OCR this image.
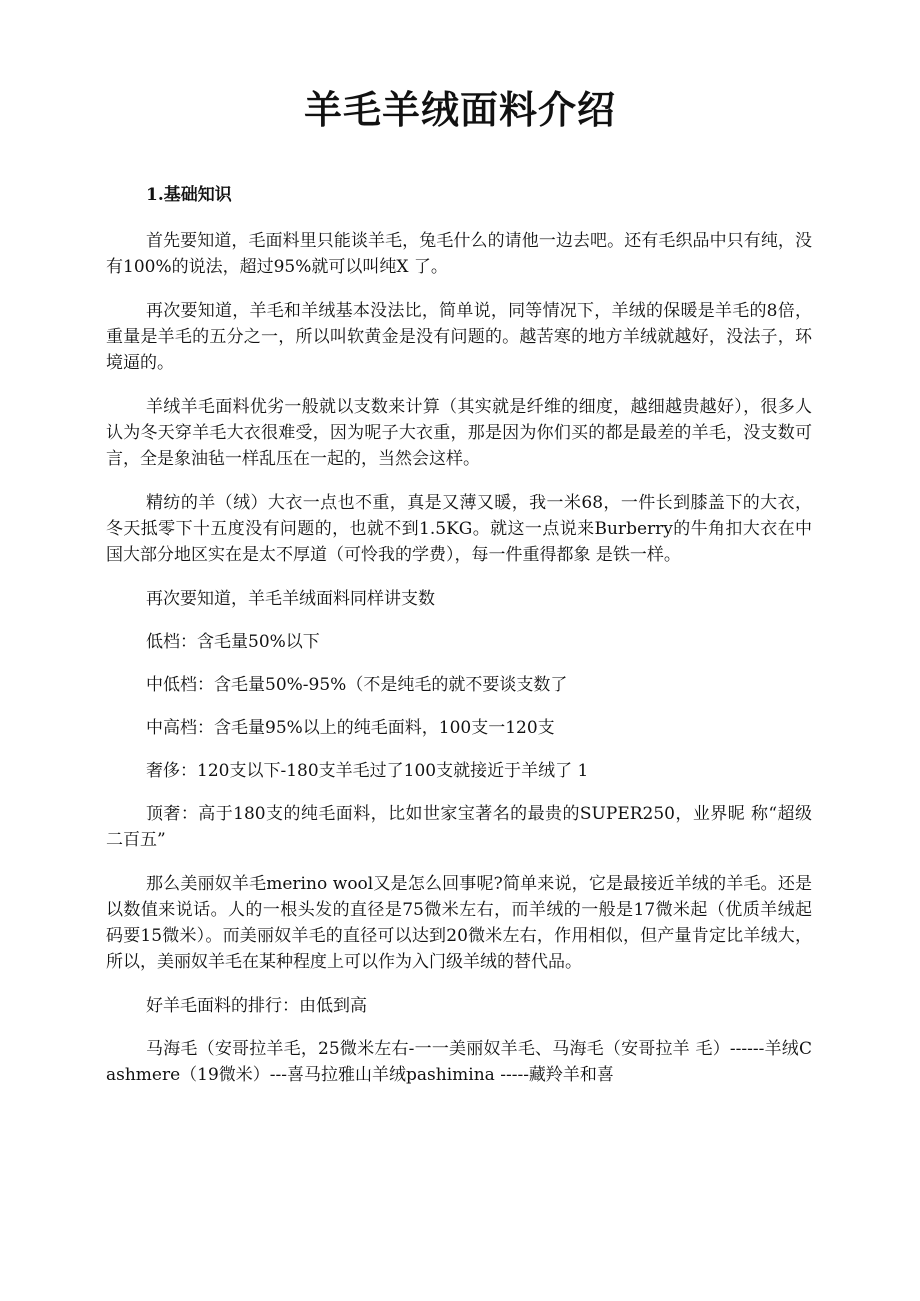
羊毛羊绒面料介绍
1.基础知识

首先要知道，毛面料里只能谈羊毛，兔毛什么的请他一边去吧。还有毛织品中只有纯，没有100%的说法，超过95%就可以叫纯X 了。

再次要知道，羊毛和羊绒基本没法比，简单说，同等情况下，羊绒的保暖是羊毛的8倍，重量是羊毛的五分之一，所以叫软黄金是没有问题的。越苦寒的地方羊绒就越好，没法子，环境逼的。

羊绒羊毛面料优劣一般就以支数来计算（其实就是纤维的细度，越细越贵越好），很多人认为冬天穿羊毛大衣很难受，因为呢子大衣重，那是因为你们买的都是最差的羊毛，没支数可言，全是象油毡一样乱压在一起的，当然会这样。

精纺的羊（绒）大衣一点也不重，真是又薄又暖，我一米68，一件长到膝盖下的大衣，冬天抵零下十五度没有问题的，也就不到1.5KG。就这一点说来Burberry的牛角扣大衣在中国大部分地区实在是太不厚道（可怜我的学费），每一件重得都象 是铁一样。

再次要知道，羊毛羊绒面料同样讲支数

低档：含毛量50%以下

中低档：含毛量50%-95%（不是纯毛的就不要谈支数了

中高档：含毛量95%以上的纯毛面料，100支一120支

奢侈：120支以下-180支羊毛过了100支就接近于羊绒了 1

顶奢：高于180支的纯毛面料，比如世家宝著名的最贵的SUPER250，业界昵 称“超级二百五”

那么美丽奴羊毛merino wool又是怎么回事呢?简单来说，它是最接近羊绒的羊毛。还是以数值来说话。人的一根头发的直径是75微米左右，而羊绒的一般是17微米起（优质羊绒起码要15微米）。而美丽奴羊毛的直径可以达到20微米左右，作用相似，但产量肯定比羊绒大，所以，美丽奴羊毛在某种程度上可以作为入门级羊绒的替代品。

好羊毛面料的排行：由低到高

马海毛（安哥拉羊毛，25微米左右-一一美丽奴羊毛、马海毛（安哥拉羊 毛）------羊绒Cashmere（19微米）---喜马拉雅山羊绒pashimina -----藏羚羊和喜
